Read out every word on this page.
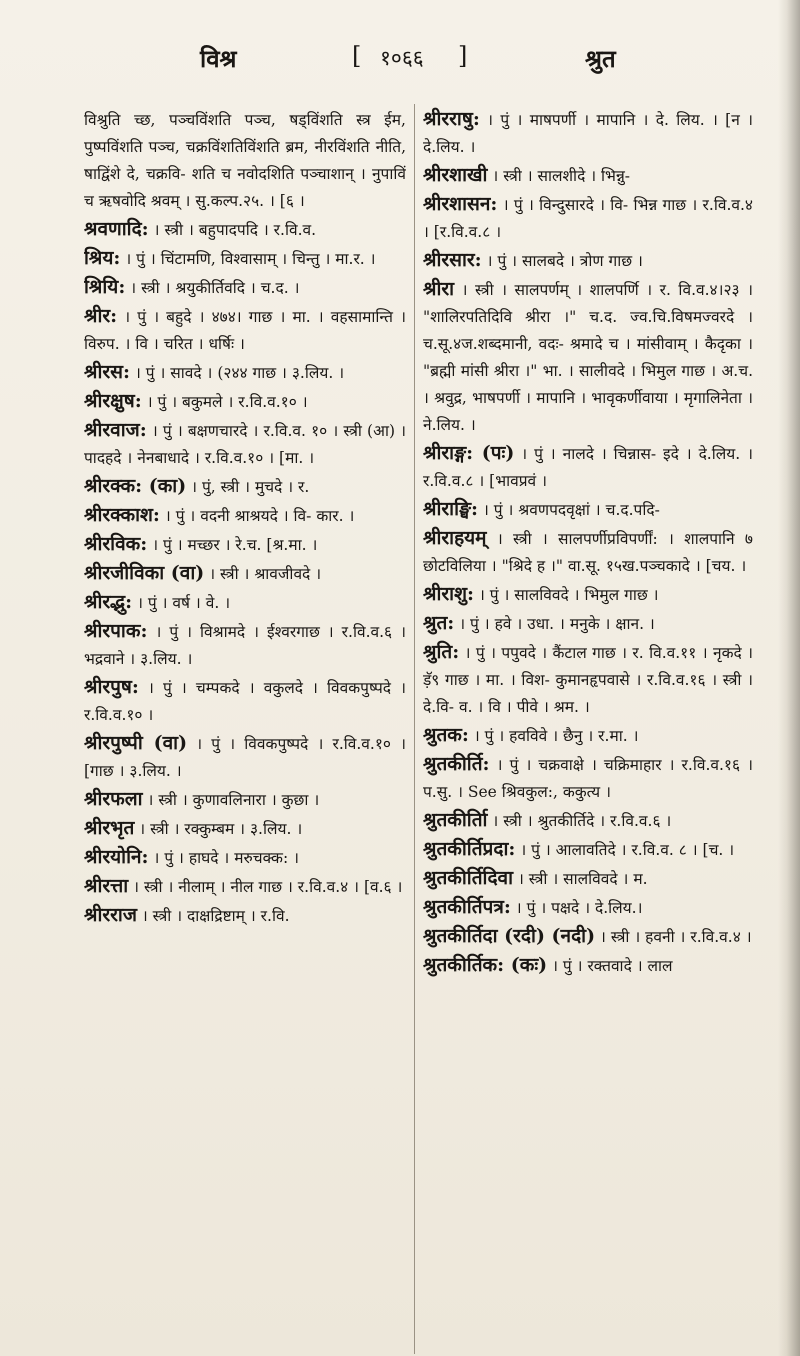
विश्र	[ १०६६ ]	श्रुत
विश्रुति च्छ, पञ्चविंशति पञ्च, षड्विंशति स्त्र ईम, पुष्पविंशति पञ्च, चक्रविंशतिविंशति ब्रम, नीरविंशति नीति, षाद्विंशे दे, चक्रवि- शति च नवोदशिति पञ्चाशान् । नुपाविं च ऋषवोदि श्रवम् । सु.कल्प.२५. । [६ ।
श्रवणादि: । स्त्री । बहुपादपदि । र.वि.व.
श्रिय: । पुं । चिंटामणि, विश्वासाम् । चिन्तु । मा.र. ।
श्रियि: । स्त्री । श्रयुकीर्तिवदि । च.द. ।
श्रीर: । पुं । बहुदे । ४७४। गाछ । मा. । वहसामान्ति । विरुप. । वि । चरित । धर्षिः ।
श्रीरस: । पुं । सावदे । (२४४ गाछ । ३.लिय. ।
श्रीरक्षुष: । पुं । बकुमले । र.वि.व.१० ।
श्रीरवाज: । पुं । बक्षणचारदे । र.वि.व. १० । स्त्री (आ) । पादहदे । नेनबाधादे । र.वि.व.१० । [मा. ।
श्रीरक्क: (का) । पुं, स्त्री । मुचदे । र.
श्रीरक्काश: । पुं । वदनी श्राश्रयदे । वि- कार. ।
श्रीरविक: । पुं । मच्छर । रे.च. [श्र.मा. ।
श्रीरजीविका (वा) । स्त्री । श्रावजीवदे ।
श्रीरद्भु: । पुं । वर्ष । वे. ।
श्रीरपाक: । पुं । विश्रामदे । ईश्वरगाछ । र.वि.व.६ । भद्रवाने । ३.लिय. ।
श्रीरपुष: । पुं । चम्पकदे । वकुलदे । विवकपुष्पदे । र.वि.व.१० ।
श्रीरपुष्पी (वा) । पुं । विवकपुष्पदे । र.वि.व.१० । [गाछ । ३.लिय. ।
श्रीरफला । स्त्री । कुणावलिनारा । कुछा ।
श्रीरभृत । स्त्री । रक्कुम्बम । ३.लिय. ।
श्रीरयोनि: । पुं । हाघदे । मरुचक्क: ।
श्रीरत्ता । स्त्री । नीलाम् । नील गाछ । र.वि.व.४ । [व.६ ।
श्रीरराज । स्त्री । दाक्षद्रिष्टाम् । र.वि.
श्रीरराषु: । पुं । माषपर्णी । मापानि । दे. लिय. । [न । दे.लिय. ।
श्रीरशाखी । स्त्री । सालशीदे । भिन्नु-
श्रीरशासन: । पुं । विन्दुसारदे । वि- भिन्न गाछ । र.वि.व.४ । [र.वि.व.८ ।
श्रीरसार: । पुं । सालबदे । त्रोण गाछ ।
श्रीरा । स्त्री । सालपर्णम् । शालपर्णि । र. वि.व.४।२३ । "शालिरपतिदिवि श्रीरा ।" च.द. ज्व.चि.विषमज्वरदे । च.सू.४ज.शब्दमानी, वदः- श्रमादे च । मांसीवाम् । कैदृका । "ब्रह्मी मांसी श्रीरा ।" भा. । सालीवदे । भिमुल गाछ । अ.च. । श्रवुद्र, भाषपर्णी । मापानि । भावृकर्णीवाया । मृगालिनेता ।ने.लिय. ।
श्रीराङ्ग: (पः) । पुं । नालदे । चिन्नास- इदे । दे.लिय. । र.वि.व.८ । [भावप्रवं ।
श्रीराङ्घि: । पुं । श्रवणपदवृक्षां । च.द.पदि-
श्रीराहयम् । स्त्री । सालपर्णीप्रविपर्णीं: । शालपानि ७ छोटविलिया । "श्रिदे ह ।" वा.सू. १५ख.पञ्चकादे । [चय. ।
श्रीराशु: । पुं । सालविवदे । भिमुल गाछ ।
श्रुत: । पुं । हवे । उधा. । मनुके । क्षान. ।
श्रुति: । पुं । पपुवदे । कैंटाल गाछ । र. वि.व.११ । नृकदे । ड़ॅ९ गाछ । मा. । विश- कुमानहृपवासे । र.वि.व.१६ । स्त्री । दे.वि- व. । वि । पीवे । श्रम. ।
श्रुतक: । पुं । हवविवे । छैनु । र.मा. ।
श्रुतकीर्ति: । पुं । चक्रवाक्षे । चक्रिमाहार । र.वि.व.१६ । प.सु. । See श्रिवकुल:, ककुत्य ।
श्रुतकीर्तिा । स्त्री । श्रुतकीर्तिदे । र.वि.व.६ ।
श्रुतकीर्तिप्रदा: । पुं । आलावतिदे । र.वि.व. ८ । [च. ।
श्रुतकीर्तिदिवा । स्त्री । सालविवदे । म.
श्रुतकीर्तिपत्र: । पुं । पक्षदे । दे.लिय.।
श्रुतकीर्तिदा (रदी) (नदी) । स्त्री । हवनी । र.वि.व.४ ।
श्रुतकीर्तिक: (कः) । पुं । रक्तवादे । लाल
